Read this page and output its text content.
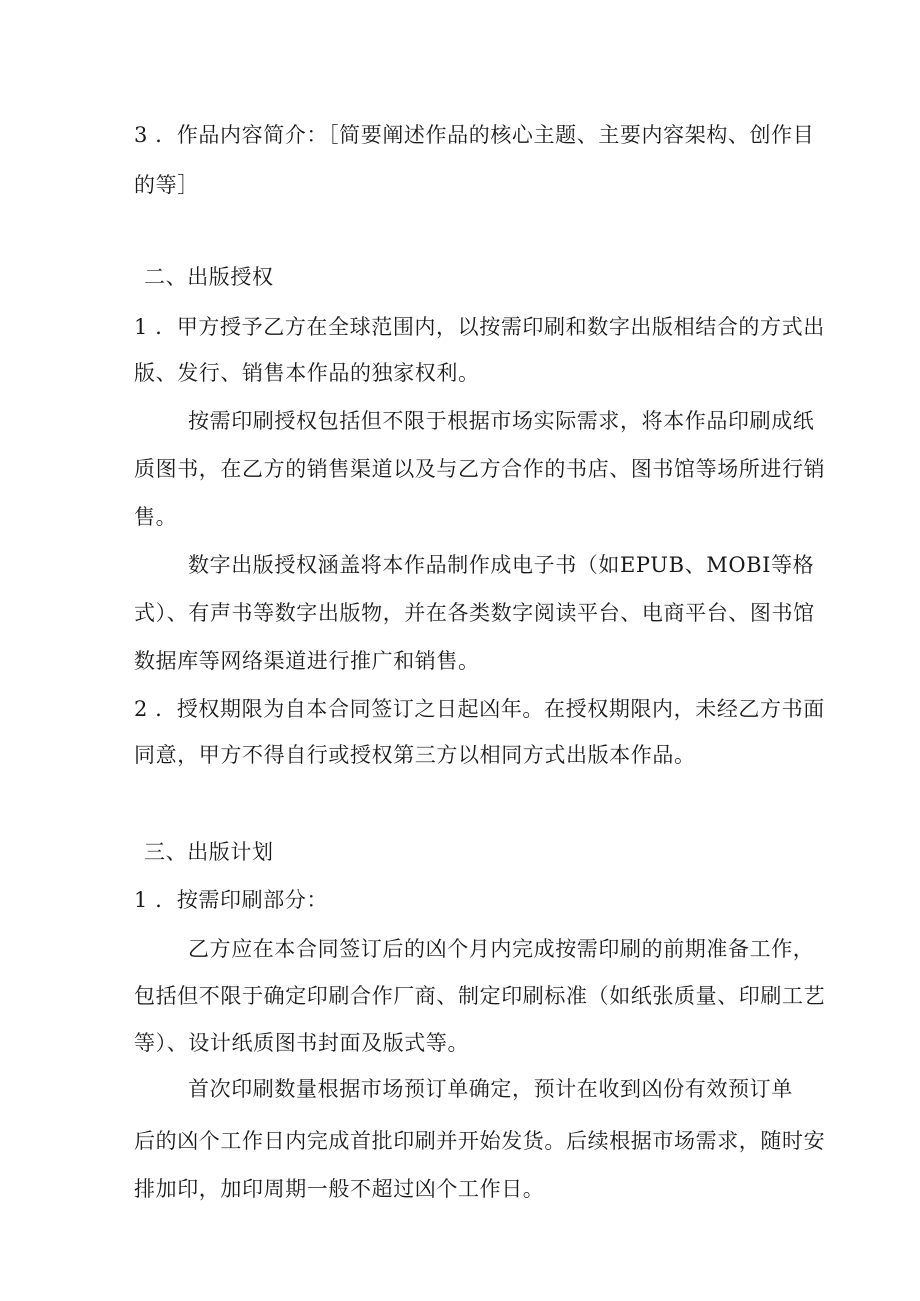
3 ．作品内容简介：［简要阐述作品的核心主题、主要内容架构、创作目
的等］
二、出版授权
1 ．甲方授予乙方在全球范围内，以按需印刷和数字出版相结合的方式出
版、发行、销售本作品的独家权利。
按需印刷授权包括但不限于根据市场实际需求，将本作品印刷成纸
质图书，在乙方的销售渠道以及与乙方合作的书店、图书馆等场所进行销
售。
数字出版授权涵盖将本作品制作成电子书（如EPUB、MOBI等格
式）、有声书等数字出版物，并在各类数字阅读平台、电商平台、图书馆
数据库等网络渠道进行推广和销售。
2 ．授权期限为自本合同签订之日起凶年。在授权期限内，未经乙方书面
同意，甲方不得自行或授权第三方以相同方式出版本作品。
三、出版计划
1 ．按需印刷部分：
乙方应在本合同签订后的凶个月内完成按需印刷的前期准备工作，
包括但不限于确定印刷合作厂商、制定印刷标准（如纸张质量、印刷工艺
等）、设计纸质图书封面及版式等。
首次印刷数量根据市场预订单确定，预计在收到凶份有效预订单
后的凶个工作日内完成首批印刷并开始发货。后续根据市场需求，随时安
排加印，加印周期一般不超过凶个工作日。
